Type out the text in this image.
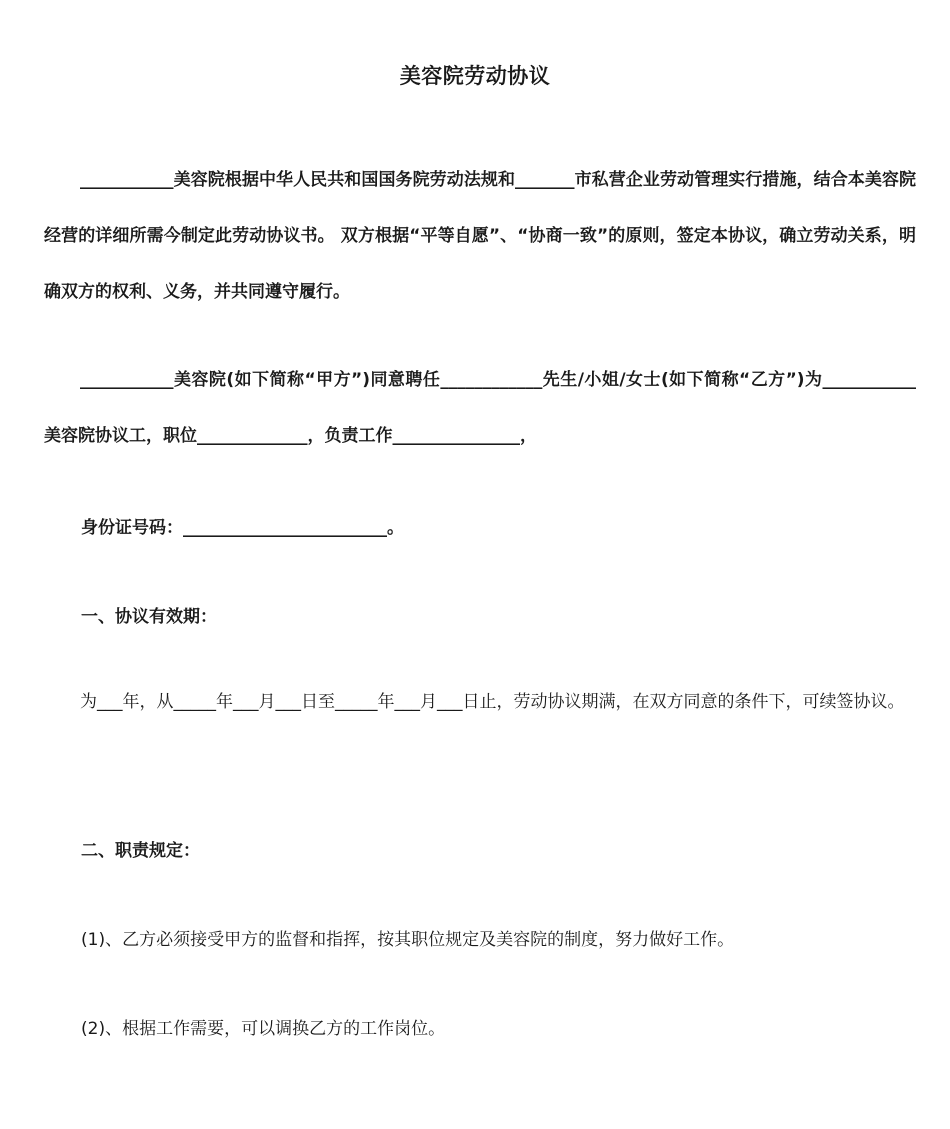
美容院劳动协议
___________美容院根据中华人民共和国国务院劳动法规和_______市私营企业劳动管理实行措施，结合本美容院经营的详细所需今制定此劳动协议书。 双方根据“平等自愿”、“协商一致”的原则，签定本协议，确立劳动关系，明确双方的权利、义务，并共同遵守履行。
___________美容院(如下简称“甲方”)同意聘任____________先生/小姐/女士(如下简称“乙方”)为___________美容院协议工，职位_____________，负责工作_______________，
身份证号码：________________________。
一、协议有效期：
为___年，从_____年___月___日至_____年___月___日止，劳动协议期满，在双方同意的条件下，可续签协议。
二、职责规定：
(1)、乙方必须接受甲方的监督和指挥，按其职位规定及美容院的制度，努力做好工作。
(2)、根据工作需要，可以调换乙方的工作岗位。
